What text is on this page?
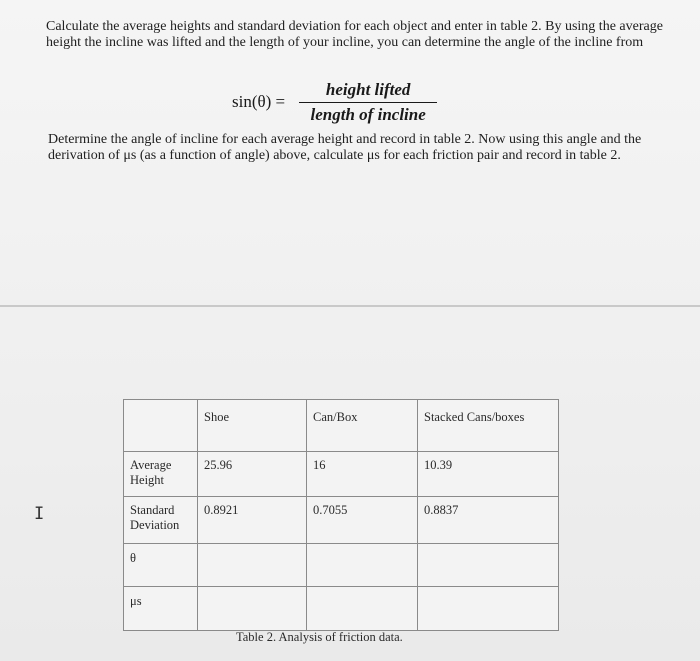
Calculate the average heights and standard deviation for each object and enter in table 2. By using the average height the incline was lifted and the length of your incline, you can determine the angle of the incline from

$\sin(\theta) = \frac{\text{height lifted}}{\text{length of incline}}$

Determine the angle of incline for each average height and record in table 2. Now using this angle and the derivation of μs (as a function of angle) above, calculate μs for each friction pair and record in table 2.

I
	Shoe	Can/Box	Stacked Cans/boxes
Average Height	25.96	16	10.39
Standard Deviation	0.8921	0.7055	0.8837
θ			
μs			
Table 2. Analysis of friction data.
